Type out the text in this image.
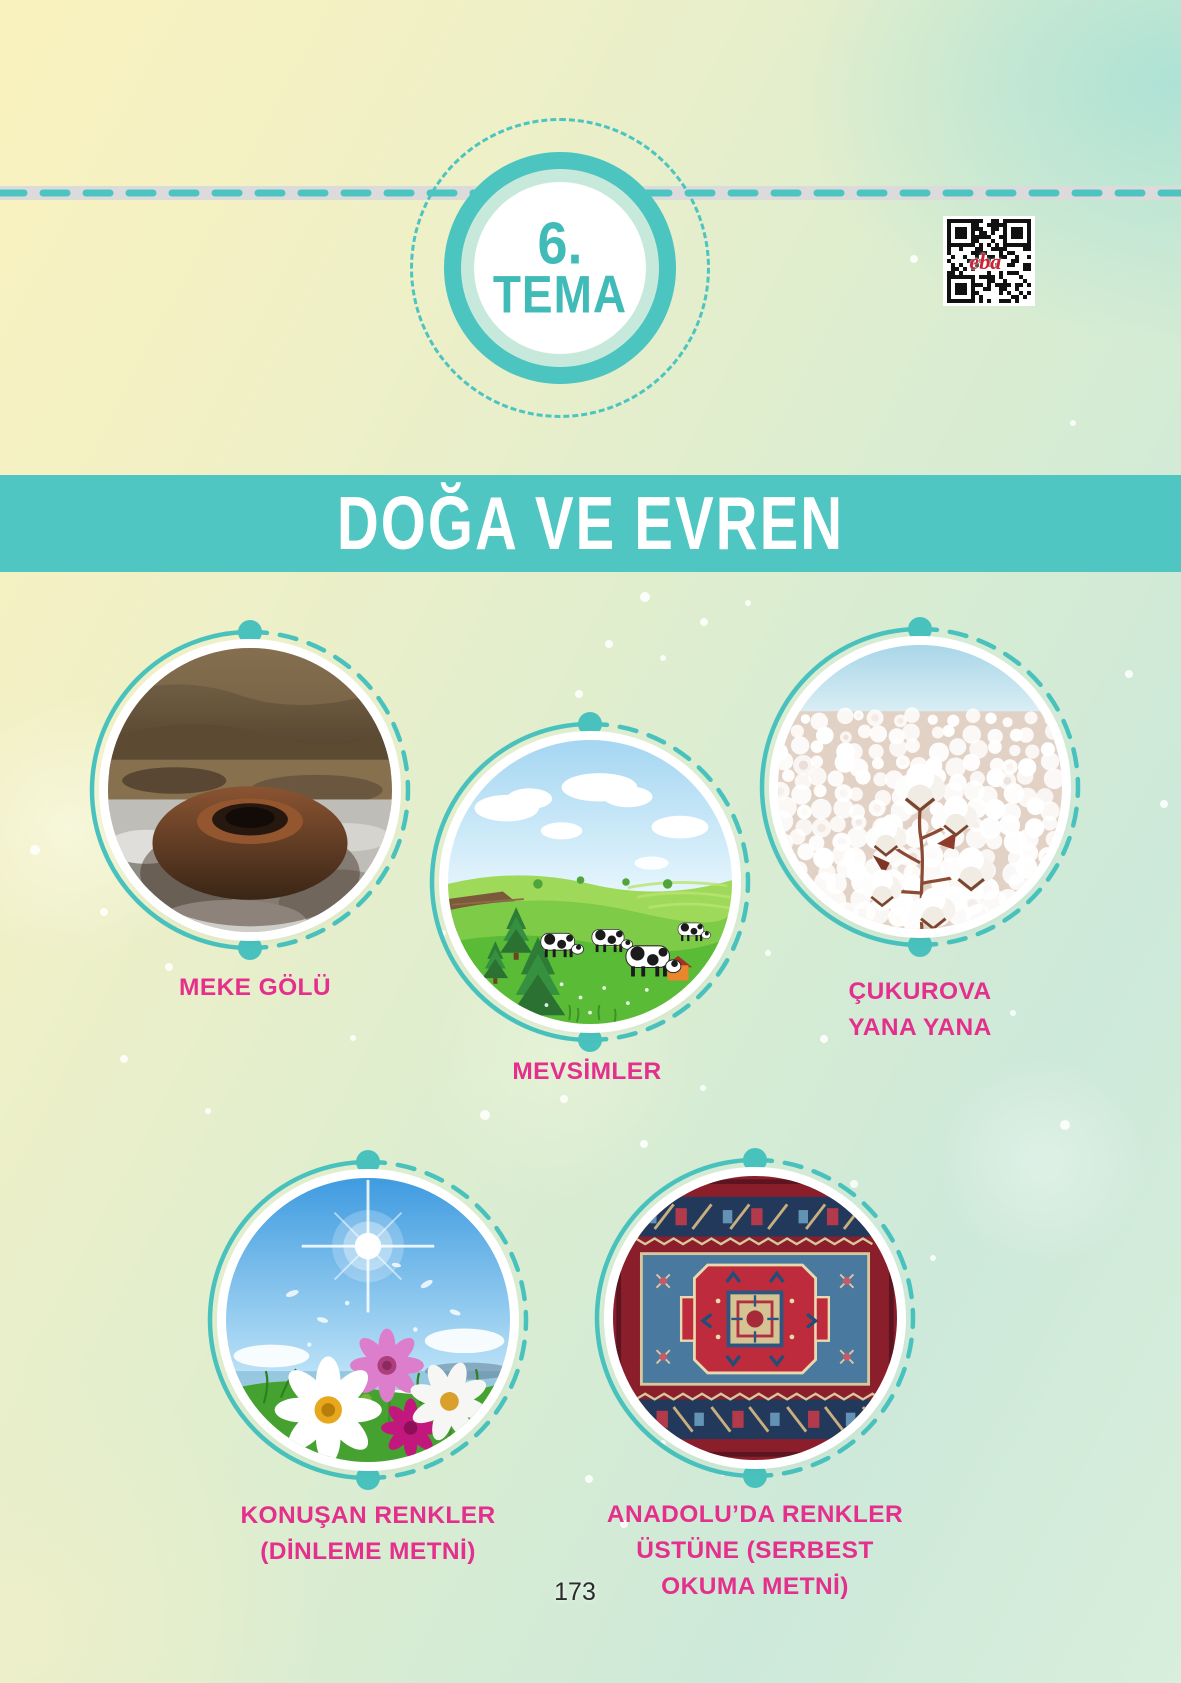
6.
TEMA
eba
DOĞA VE EVREN
MEKE GÖLÜ
MEVSİMLER
ÇUKUROVA
YANA YANA
KONUŞAN RENKLER
(DİNLEME METNİ)
ANADOLU’DA RENKLER
ÜSTÜNE (SERBEST
OKUMA METNİ)
173
